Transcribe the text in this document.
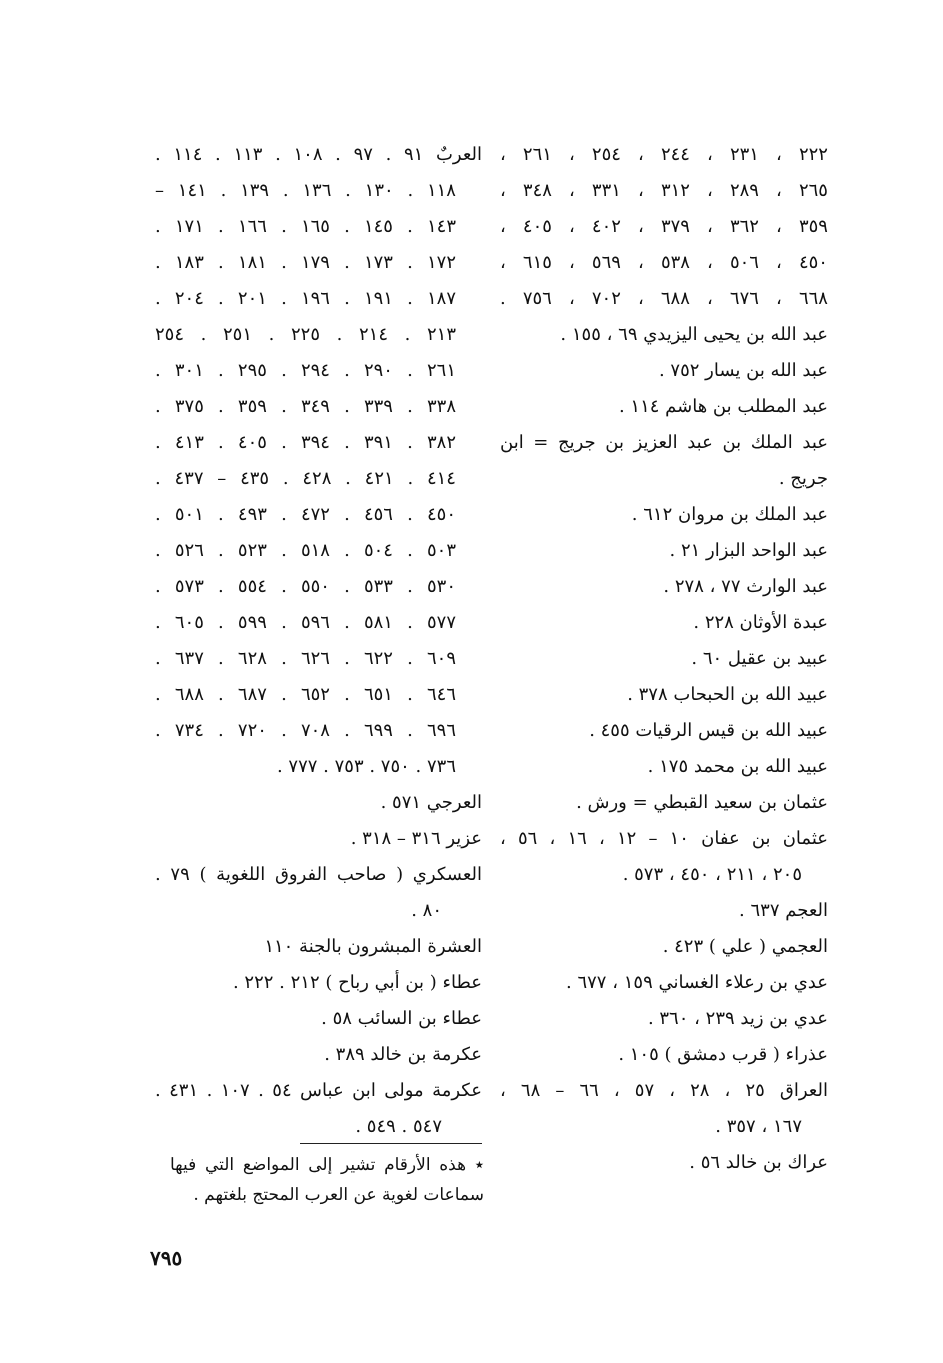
٢٢٢ ، ٢٣١ ، ٢٤٤ ، ٢٥٤ ، ٢٦١ ،
٢٦٥ ، ٢٨٩ ، ٣١٢ ، ٣٣١ ، ٣٤٨ ،
٣٥٩ ، ٣٦٢ ، ٣٧٩ ، ٤٠٢ ، ٤٠٥ ،
٤٥٠ ، ٥٠٦ ، ٥٣٨ ، ٥٦٩ ، ٦١٥ ،
٦٦٨ ، ٦٧٦ ، ٦٨٨ ، ٧٠٢ ، ٧٥٦ .
عبد الله بن يحيى اليزيدي ٦٩ ، ١٥٥ .
عبد الله بن يسار ٧٥٢ .
عبد المطلب بن هاشم ١١٤ .
عبد الملك بن عبد العزيز بن جريج = ابن
جريج .
عبد الملك بن مروان ٦١٢ .
عبد الواحد البزار ٢١ .
عبد الوارث ٧٧ ، ٢٧٨ .
عبدة الأوثان ٢٢٨ .
عبيد بن عقيل ٦٠ .
عبيد الله بن الحبحاب ٣٧٨ .
عبيد الله بن قيس الرقيات ٤٥٥ .
عبيد الله بن محمد ١٧٥ .
عثمان بن سعيد القبطي = ورش .
عثمان بن عفان ١٠ – ١٢ ، ١٦ ، ٥٦ ،
٢٠٥ ، ٢١١ ، ٤٥٠ ، ٥٧٣ .
العجم ٦٣٧ .
العجمي ( علي ) ٤٢٣ .
عدي بن رعلاء الغساني ١٥٩ ، ٦٧٧ .
عدي بن زيد ٢٣٩ ، ٣٦٠ .
عذراء ( قرب دمشق ) ١٠٥ .
العراق ٢٥ ، ٢٨ ، ٥٧ ، ٦٦ – ٦٨ ،
١٦٧ ، ٣٥٧ .
عراك بن خالد ٥٦ .
العربٌ ٩١ . ٩٧ . ١٠٨ . ١١٣ . ١١٤ .
١١٨ . ١٣٠ . ١٣٦ . ١٣٩ . ١٤١ –
١٤٣ . ١٤٥ . ١٦٥ . ١٦٦ . ١٧١ .
١٧٢ . ١٧٣ . ١٧٩ . ١٨١ . ١٨٣ .
١٨٧ . ١٩١ . ١٩٦ . ٢٠١ . ٢٠٤ .
٢١٣ . ٢١٤ . ٢٢٥ . ٢٥١ . ٢٥٤
٢٦١ . ٢٩٠ . ٢٩٤ . ٢٩٥ . ٣٠١ .
٣٣٨ . ٣٣٩ . ٣٤٩ . ٣٥٩ . ٣٧٥ .
٣٨٢ . ٣٩١ . ٣٩٤ . ٤٠٥ . ٤١٣ .
٤١٤ . ٤٢١ . ٤٢٨ . ٤٣٥ – ٤٣٧ .
٤٥٠ . ٤٥٦ . ٤٧٢ . ٤٩٣ . ٥٠١ .
٥٠٣ . ٥٠٤ . ٥١٨ . ٥٢٣ . ٥٢٦ .
٥٣٠ . ٥٣٣ . ٥٥٠ . ٥٥٤ . ٥٧٣ .
٥٧٧ . ٥٨١ . ٥٩٦ . ٥٩٩ . ٦٠٥ .
٦٠٩ . ٦٢٢ . ٦٢٦ . ٦٢٨ . ٦٣٧ .
٦٤٦ . ٦٥١ . ٦٥٢ . ٦٨٧ . ٦٨٨ .
٦٩٦ . ٦٩٩ . ٧٠٨ . ٧٢٠ . ٧٣٤ .
٧٣٦ . ٧٥٠ . ٧٥٣ . ٧٧٧ .
العرجي ٥٧١ .
عزير ٣١٦ – ٣١٨ .
العسكري ( صاحب الفروق اللغوية ) ٧٩ .
٨٠ .
العشرة المبشرون بالجنة ١١٠
عطاء ( بن أبي رباح ) ٢١٢ . ٢٢٢ .
عطاء بن السائب ٥٨ .
عكرمة بن خالد ٣٨٩ .
عكرمة مولى ابن عباس ٥٤ . ١٠٧ . ٤٣١ .
٥٤٧ . ٥٤٩ .
٭ هذه الأرقام تشير إلى المواضع التي فيها
سماعات لغوية عن العرب المحتج بلغتهم .
٧٩٥
